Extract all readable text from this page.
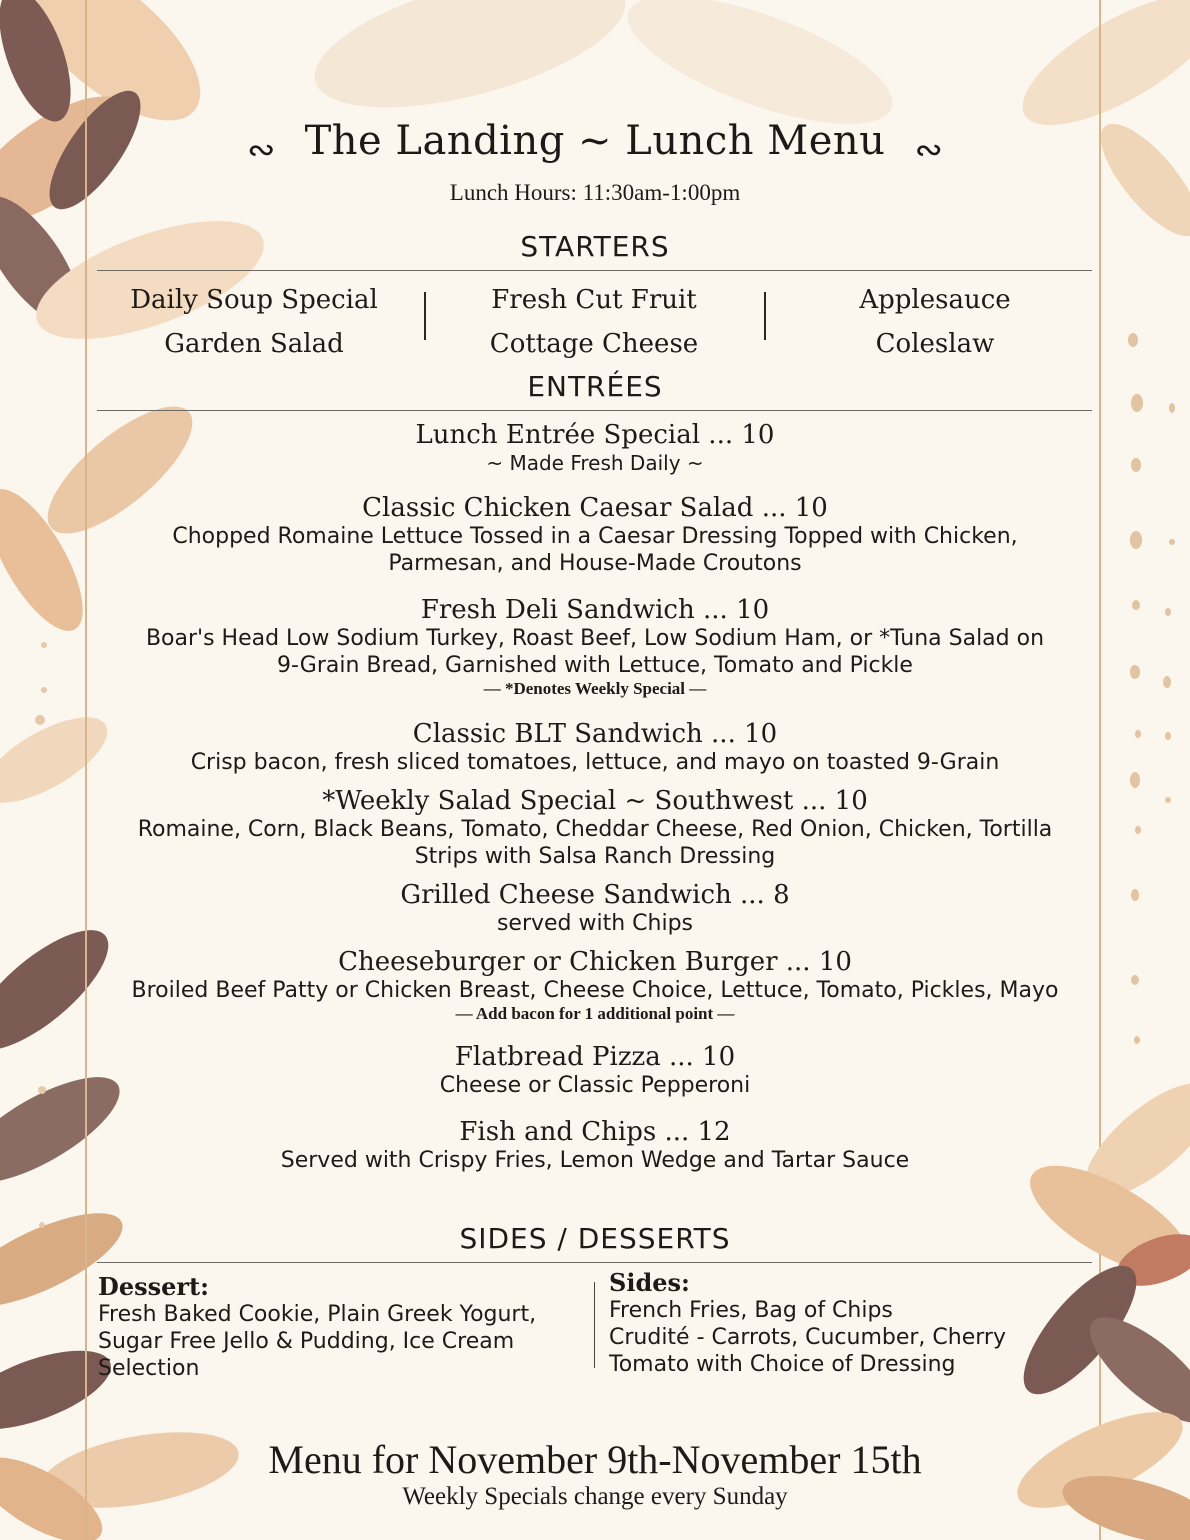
∾ The Landing ~ Lunch Menu ∾
Lunch Hours: 11:30am-1:00pm
STARTERS
Daily Soup Special
Garden Salad
Fresh Cut Fruit
Cottage Cheese
Applesauce
Coleslaw
ENTRÉES
Lunch Entrée Special ... 10
~ Made Fresh Daily ~
Classic Chicken Caesar Salad ... 10
Chopped Romaine Lettuce Tossed in a Caesar Dressing Topped with Chicken,
Parmesan, and House-Made Croutons
Fresh Deli Sandwich ... 10
Boar's Head Low Sodium Turkey, Roast Beef, Low Sodium Ham, or *Tuna Salad on
9-Grain Bread, Garnished with Lettuce, Tomato and Pickle
— *Denotes Weekly Special —
Classic BLT Sandwich ... 10
Crisp bacon, fresh sliced tomatoes, lettuce, and mayo on toasted 9-Grain
*Weekly Salad Special ~ Southwest ... 10
Romaine, Corn, Black Beans, Tomato, Cheddar Cheese, Red Onion, Chicken, Tortilla
Strips with Salsa Ranch Dressing
Grilled Cheese Sandwich ... 8
served with Chips
Cheeseburger or Chicken Burger ... 10
Broiled Beef Patty or Chicken Breast, Cheese Choice, Lettuce, Tomato, Pickles, Mayo
— Add bacon for 1 additional point —
Flatbread Pizza ... 10
Cheese or Classic Pepperoni
Fish and Chips ... 12
Served with Crispy Fries, Lemon Wedge and Tartar Sauce
SIDES / DESSERTS
Dessert:
Fresh Baked Cookie, Plain Greek Yogurt,
Sugar Free Jello & Pudding, Ice Cream
Selection
Sides:
French Fries, Bag of Chips
Crudité - Carrots, Cucumber, Cherry
Tomato with Choice of Dressing
Menu for November 9th-November 15th
Weekly Specials change every Sunday
